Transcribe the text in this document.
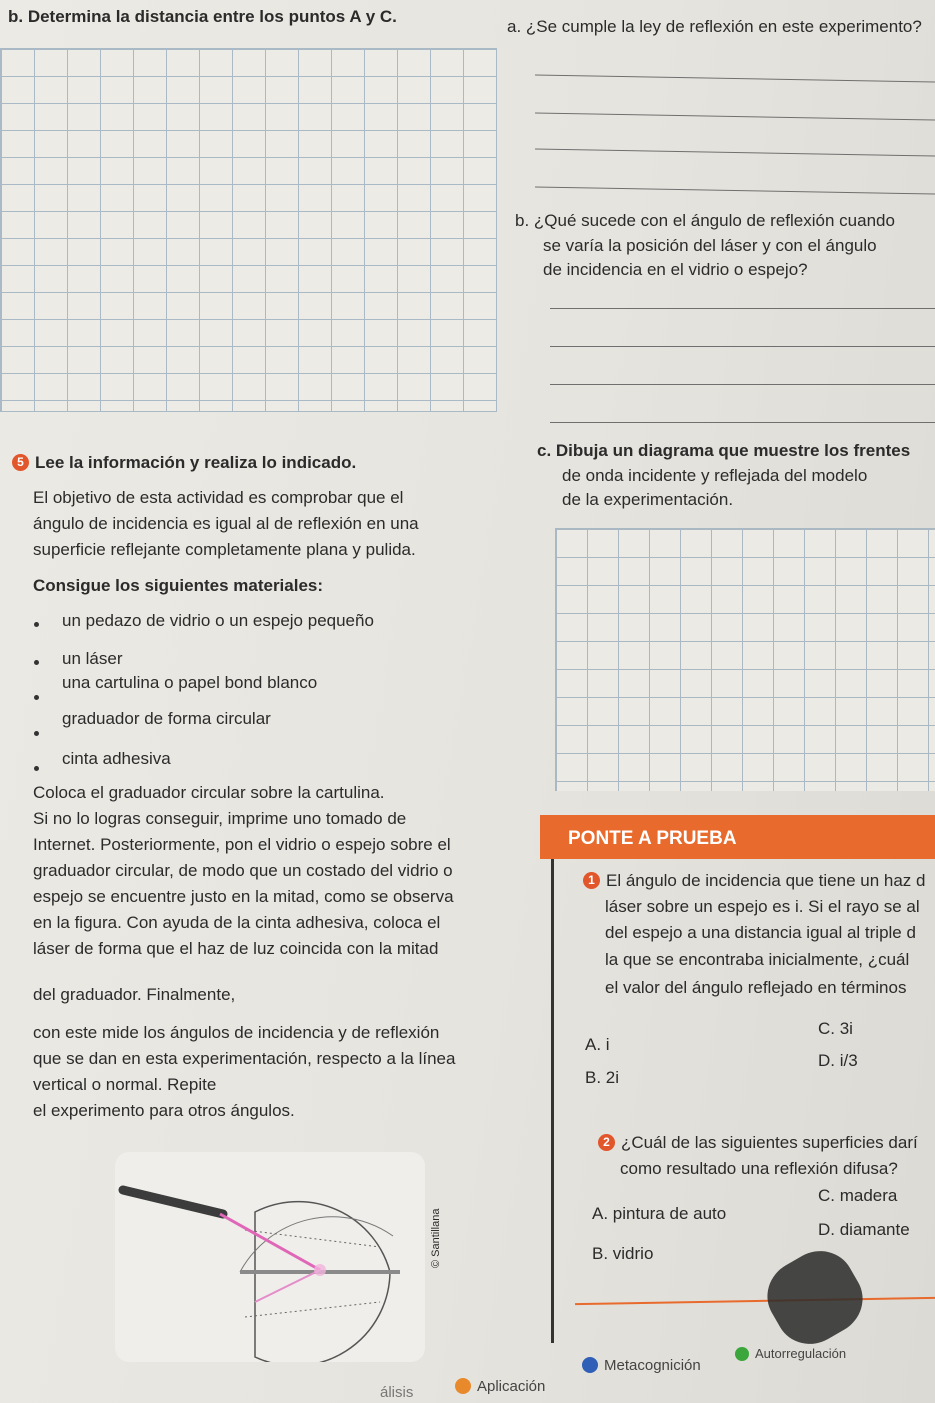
b. Determina la distancia entre los puntos A y C.
a. ¿Se cumple la ley de reflexión en este experimento?
b. ¿Qué sucede con el ángulo de reflexión cuando
se varía la posición del láser y con el ángulo
de incidencia en el vidrio o espejo?
c. Dibuja un diagrama que muestre los frentes
de onda incidente y reflejada del modelo
de la experimentación.
5 Lee la información y realiza lo indicado.
El objetivo de esta actividad es comprobar que el
ángulo de incidencia es igual al de reflexión en una
superficie reflejante completamente plana y pulida.
Consigue los siguientes materiales:
un pedazo de vidrio o un espejo pequeño
un láser
una cartulina o papel bond blanco
graduador de forma circular
cinta adhesiva
Coloca el graduador circular sobre la cartulina.
Si no lo logras conseguir, imprime uno tomado de
Internet. Posteriormente, pon el vidrio o espejo sobre el
graduador circular, de modo que un costado del vidrio o
espejo se encuentre justo en la mitad, como se observa
en la figura. Con ayuda de la cinta adhesiva, coloca el
láser de forma que el haz de luz coincida con la mitad
del graduador. Finalmente,
con este mide los ángulos de incidencia y de reflexión
que se dan en esta experimentación, respecto a la línea
vertical o normal. Repite
el experimento para otros ángulos.
© Santillana
PONTE A PRUEBA
1 El ángulo de incidencia que tiene un haz d
láser sobre un espejo es i. Si el rayo se al
del espejo a una distancia igual al triple d
la que se encontraba inicialmente, ¿cuál
el valor del ángulo reflejado en términos
A. i
B. 2i
C. 3i
D. i/3
2 ¿Cuál de las siguientes superficies darí
como resultado una reflexión difusa?
A. pintura de auto
B. vidrio
C. madera
D. diamante
álisis	Aplicación
Metacognición
Autorregulación
